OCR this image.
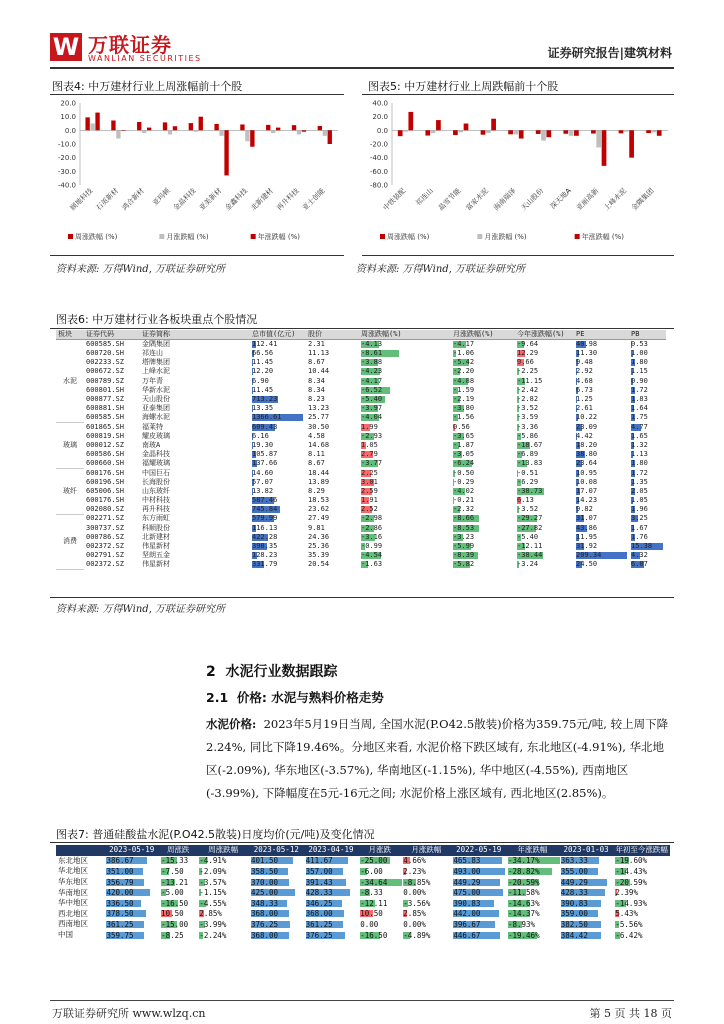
W 万联证券
WANLIAN SECURITIES	证券研究报告|建筑材料
图表4: 中万建材行业上周涨幅前十个股
20.0
10.0
0.0
-10.0
-20.0
-30.0
-40.0
顾地科技 石英新材 鸿合新材 亚玛顿 金晶科技 亚美新材 金鑫科技 北新建材 再升科技 亚士创能
周涨跌幅 (%)	月涨跌幅 (%)	年涨跌幅 (%)
资料来源: 万得Wind, 万联证券研究所
图表5: 中万建材行业上周跌幅前十个股
40.0
20.0
0.0
-20.0
-40.0
-60.0
-80.0
中铁装配 祁连山 晶雪节能 富家水泥 海南瑞泽 天山股份 深天地A 亚丽高新 上峰水泥 金隅集团
周涨跌幅 (%)	月涨跌幅 (%)	年涨跌幅 (%)
资料来源: 万得Wind, 万联证券研究所
图表6: 中万建材行业各板块重点个股情况
板块	证券代码	证券简称	总市值(亿元)	股价	周涨跌幅(%)	月涨跌幅(%)	今年涨跌幅(%)	PE	PB
水泥	600585.SH	金隅集团	112.41	2.31	-4.13	-4.17	-9.64	40.98	0.53

	600720.SH	祁连山	66.56	11.13	-8.61	-1.06	12.29	11.30	1.00

	002233.SZ	塔牌集团	11.45	8.67	-3.88	-5.42	9.66	9.48	1.80

	000672.SZ	上峰水泥	12.20	10.44	-4.23	-2.20	-2.25	2.92	1.15

	000789.SZ	万年青	6.90	8.34	-4.17	-4.88	-11.15	4.68	0.90

	600801.SH	华新水泥	11.45	8.34	-6.52	-1.59	-2.42	6.73	1.72

	000877.SZ	天山股份	713.23	8.23	-5.40	-2.19	-2.82	1.25	1.83

	600881.SH	亚泰集团	13.35	13.23	-3.97	-3.80	-3.52	2.61	1.64

	600585.SH	海螺水泥	1366.61	25.77	-4.04	-1.56	-3.59	10.22	1.75

玻璃	601865.SH	福莱特	609.43	30.50	1.99	0.56	-3.36	23.09	4.77

	600819.SH	耀皮玻璃	6.16	4.58	-2.93	-3.65	-5.86	4.42	1.65

	000012.SZ	南玻A	19.30	14.68	1.05	-1.87	-18.67	18.20	1.32

	600586.SH	金晶科技	105.87	8.11	2.79	-3.05	-6.89	38.80	1.13

	600660.SH	福耀玻璃	137.66	8.67	-3.77	-6.24	-13.83	23.64	1.80

玻纤	600176.SH	中国巨石	14.60	18.44	2.25	-0.50	-0.51	10.95	1.72

	600196.SH	长海股份	57.07	13.89	3.01	-0.29	-6.29	10.08	1.35

	605006.SH	山东玻纤	13.82	8.29	2.59	-4.02	-38.73	17.07	2.05

	600176.SH	中材科技	587.46	18.53	1.91	-0.21	6.13	14.23	1.05

	002080.SZ	再升科技	745.84	23.62	2.52	-2.32	-3.52	9.82	1.96

消费	002271.SZ	东方雨虹	579.99	27.49	-2.98	-8.66	-29.27	31.07	3.25

	300737.SZ	科顺股份	116.13	9.81	-2.86	-8.53	-27.82	43.86	1.67

	000786.SZ	北新建材	422.28	24.36	-3.16	-3.23	-5.40	11.95	1.76

	002372.SZ	伟星新材	398.35	25.36	-0.99	-5.99	-12.11	31.92	15.38

	002791.SZ	坚朗五金	128.23	35.39	-4.54	-8.39	-38.44	209.34	4.32

	002372.SZ	伟星新材	331.79	20.54	-1.63	-5.82	-3.24	24.50	6.07
资料来源: 万得Wind, 万联证券研究所
2 水泥行业数据跟踪
2.1 价格: 水泥与熟料价格走势
水泥价格: 2023年5月19日当周, 全国水泥(P.O42.5散装)价格为359.75元/吨, 较上周下降2.24%, 同比下降19.46%。分地区来看, 水泥价格下跌区域有, 东北地区(-4.91%), 华北地区(-2.09%), 华东地区(-3.57%), 华南地区(-1.15%), 华中地区(-4.55%), 西南地区(-3.99%), 下降幅度在5元-16元之间; 水泥价格上涨区域有, 西北地区(2.85%)。
图表7: 普通硅酸盐水泥(P.O42.5散装)日度均价(元/吨)及变化情况
	2023-05-19	周涨跌	周涨跌幅	2023-05-12	2023-04-19	月涨跌	月涨跌幅	2022-05-19	年涨跌幅	2023-01-03	年初至今涨跌幅
东北地区	386.67	-15.33	-4.91%	401.50	411.67	-25.00	4.66%	465.83	-34.17%	363.33	-19.60%

华北地区	351.00	-7.50	-2.09%	358.50	357.00	-6.00	2.23%	493.00	-28.82%	355.00	-14.43%

华东地区	356.79	-13.21	-3.57%	370.00	391.43	-34.64	-8.85%	449.29	-20.59%	449.29	-20.59%

华南地区	420.00	-5.00	-1.15%	425.00	428.33	-8.33	0.00%	475.00	-11.58%	428.33	2.39%

华中地区	336.50	-16.50	-4.55%	348.33	346.25	-12.11	-3.56%	390.83	-14.63%	390.83	-14.93%

西北地区	378.50	10.50	2.85%	368.00	368.00	10.50	2.85%	442.00	-14.37%	359.00	5.43%

西南地区	361.25	-15.00	-3.99%	376.25	361.25	0.00	0.00%	396.67	-8.93%	382.50	-5.56%

中国	359.75	-8.25	-2.24%	368.00	376.25	-16.50	-4.89%	446.67	-19.46%	384.42	-6.42%
万联证券研究所 www.wlzq.cn	第 5 页 共 18 页
